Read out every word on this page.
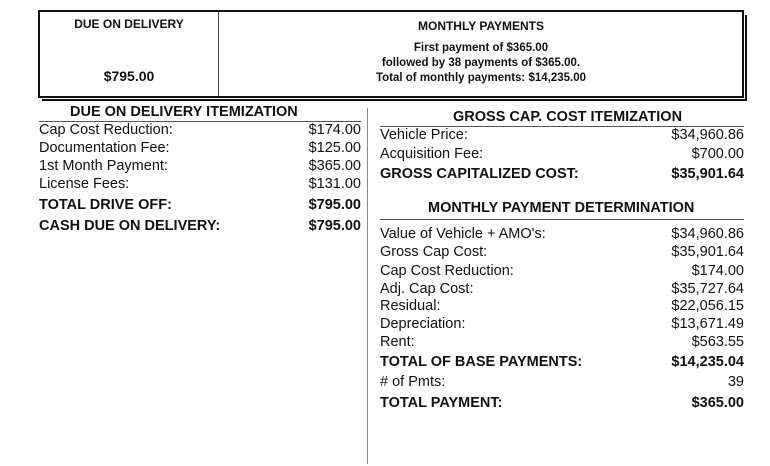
DUE ON DELIVERY
$795.00
MONTHLY PAYMENTS
First payment of $365.00
followed by 38 payments of $365.00.
Total of monthly payments: $14,235.00
DUE ON DELIVERY ITEMIZATION
Cap Cost Reduction:	$174.00
Documentation Fee:	$125.00
1st Month Payment:	$365.00
License Fees:	$131.00
TOTAL DRIVE OFF:	$795.00
CASH DUE ON DELIVERY:	$795.00
GROSS CAP. COST ITEMIZATION
Vehicle Price:	$34,960.86
Acquisition Fee:	$700.00
GROSS CAPITALIZED COST:	$35,901.64
MONTHLY PAYMENT DETERMINATION
Value of Vehicle + AMO's:	$34,960.86
Gross Cap Cost:	$35,901.64
Cap Cost Reduction:	$174.00
Adj. Cap Cost:	$35,727.64
Residual:	$22,056.15
Depreciation:	$13,671.49
Rent:	$563.55
TOTAL OF BASE PAYMENTS:	$14,235.04
# of Pmts:	39
TOTAL PAYMENT:	$365.00
